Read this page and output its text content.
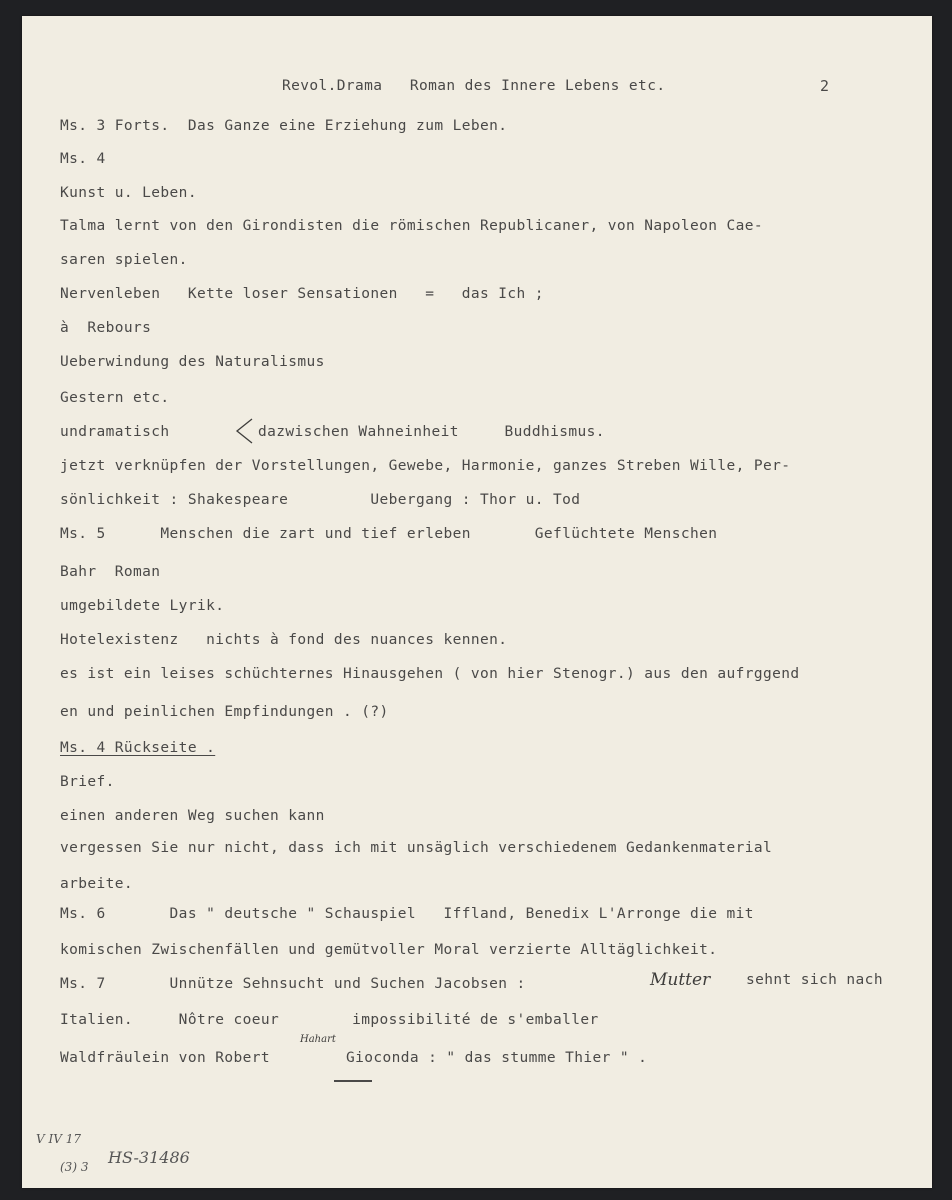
Revol.Drama   Roman des Innere Lebens etc.	2
Ms. 3 Forts.  Das Ganze eine Erziehung zum Leben.
Ms. 4
Kunst u. Leben.
Talma lernt von den Girondisten die römischen Republicaner, von Napoleon Cae-
saren spielen.
Nervenleben   Kette loser Sensationen   =   das Ich ;
à  Rebours
Ueberwindung des Naturalismus
Gestern etc.
undramatisch	dazwischen Wahneinheit     Buddhismus.
jetzt verknüpfen der Vorstellungen, Gewebe, Harmonie, ganzes Streben Wille, Per-
sönlichkeit : Shakespeare         Uebergang : Thor u. Tod
Ms. 5      Menschen die zart und tief erleben       Geflüchtete Menschen
Bahr  Roman
umgebildete Lyrik.
Hotelexistenz   nichts à fond des nuances kennen.
es ist ein leises schüchternes Hinausgehen ( von hier Stenogr.) aus den aufrggend
en und peinlichen Empfindungen . (?)
Ms. 4 Rückseite .
Brief.
einen anderen Weg suchen kann
vergessen Sie nur nicht, dass ich mit unsäglich verschiedenem Gedankenmaterial
arbeite.
Ms. 6       Das " deutsche " Schauspiel   Iffland, Benedix L'Arronge die mit
komischen Zwischenfällen und gemütvoller Moral verzierte Alltäglichkeit.
Ms. 7       Unnütze Sehnsucht und Suchen Jacobsen :	Mutter sehnt sich nach
Italien.     Nôtre coeur        impossibilité de s'emballer
Waldfräulein von Robert
Hahart
Gioconda : " das stumme Thier " .
V IV 17
(3) 3 HS-31486
